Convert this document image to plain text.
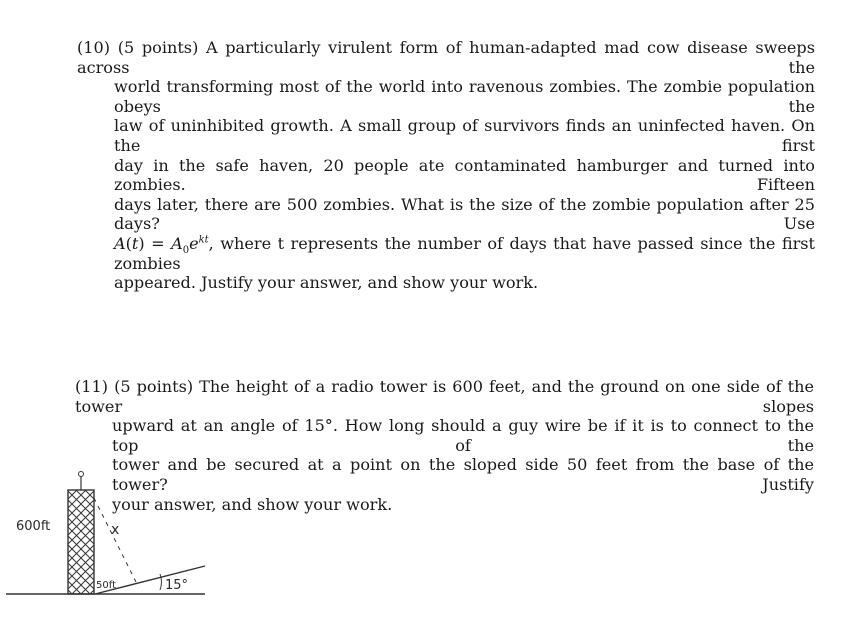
(10) (5 points) A particularly virulent form of human-adapted mad cow disease sweeps across the
world transforming most of the world into ravenous zombies. The zombie population obeys the
law of uninhibited growth. A small group of survivors finds an uninfected haven. On the first
day in the safe haven, 20 people ate contaminated hamburger and turned into zombies. Fifteen
days later, there are 500 zombies. What is the size of the zombie population after 25 days? Use
$A(t) = A_0e^{kt}$, where t represents the number of days that have passed since the first zombies
appeared. Justify your answer, and show your work.
(11) (5 points) The height of a radio tower is 600 feet, and the ground on one side of the tower slopes
upward at an angle of 15°. How long should a guy wire be if it is to connect to the top of the
tower and be secured at a point on the sloped side 50 feet from the base of the tower? Justify
your answer, and show your work.
600ft	x
50ft	15°
